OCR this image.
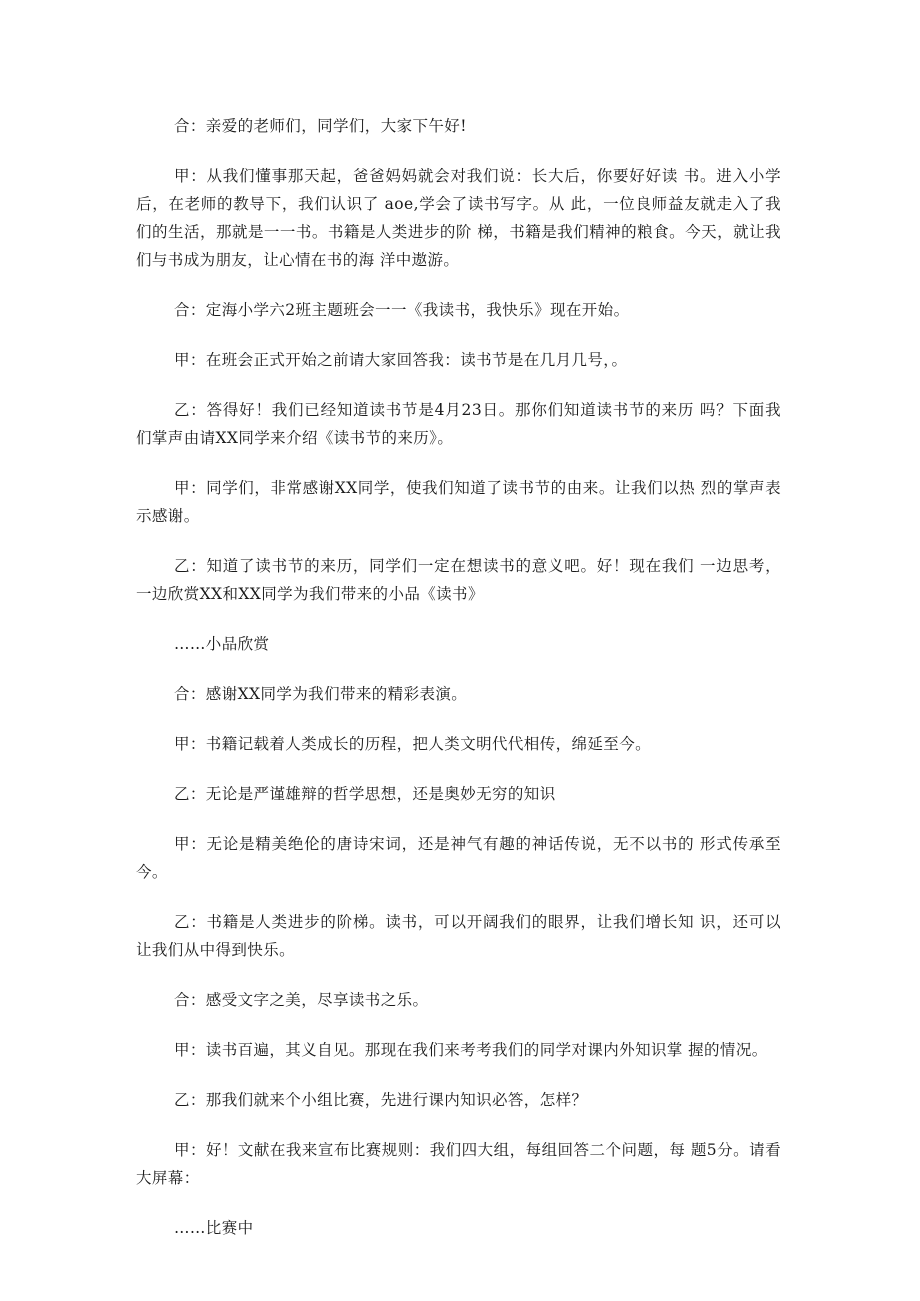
合：亲爱的老师们，同学们，大家下午好!

甲：从我们懂事那天起，爸爸妈妈就会对我们说：长大后，你要好好读 书。进入小学后，在老师的教导下，我们认识了 aoe,学会了读书写字。从 此，一位良师益友就走入了我们的生活，那就是一一书。书籍是人类进步的阶 梯，书籍是我们精神的粮食。今天，就让我们与书成为朋友，让心情在书的海 洋中遨游。

合：定海小学六2班主题班会一一《我读书，我快乐》现在开始。

甲：在班会正式开始之前请大家回答我：读书节是在几月几号，。

乙：答得好！我们已经知道读书节是4月23日。那你们知道读书节的来历 吗？下面我们掌声由请XX同学来介绍《读书节的来历》。

甲：同学们，非常感谢XX同学，使我们知道了读书节的由来。让我们以热 烈的掌声表示感谢。

乙：知道了读书节的来历，同学们一定在想读书的意义吧。好！现在我们 一边思考，一边欣赏XX和XX同学为我们带来的小品《读书》

……小品欣赏

合：感谢XX同学为我们带来的精彩表演。

甲：书籍记载着人类成长的历程，把人类文明代代相传，绵延至今。

乙：无论是严谨雄辩的哲学思想，还是奥妙无穷的知识

甲：无论是精美绝伦的唐诗宋词，还是神气有趣的神话传说，无不以书的 形式传承至今。

乙：书籍是人类进步的阶梯。读书，可以开阔我们的眼界，让我们增长知 识，还可以让我们从中得到快乐。

合：感受文字之美，尽享读书之乐。

甲：读书百遍，其义自见。那现在我们来考考我们的同学对课内外知识掌 握的情况。

乙：那我们就来个小组比赛，先进行课内知识必答，怎样？

甲：好！文献在我来宣布比赛规则：我们四大组，每组回答二个问题，每 题5分。请看大屏幕：

……比赛中
